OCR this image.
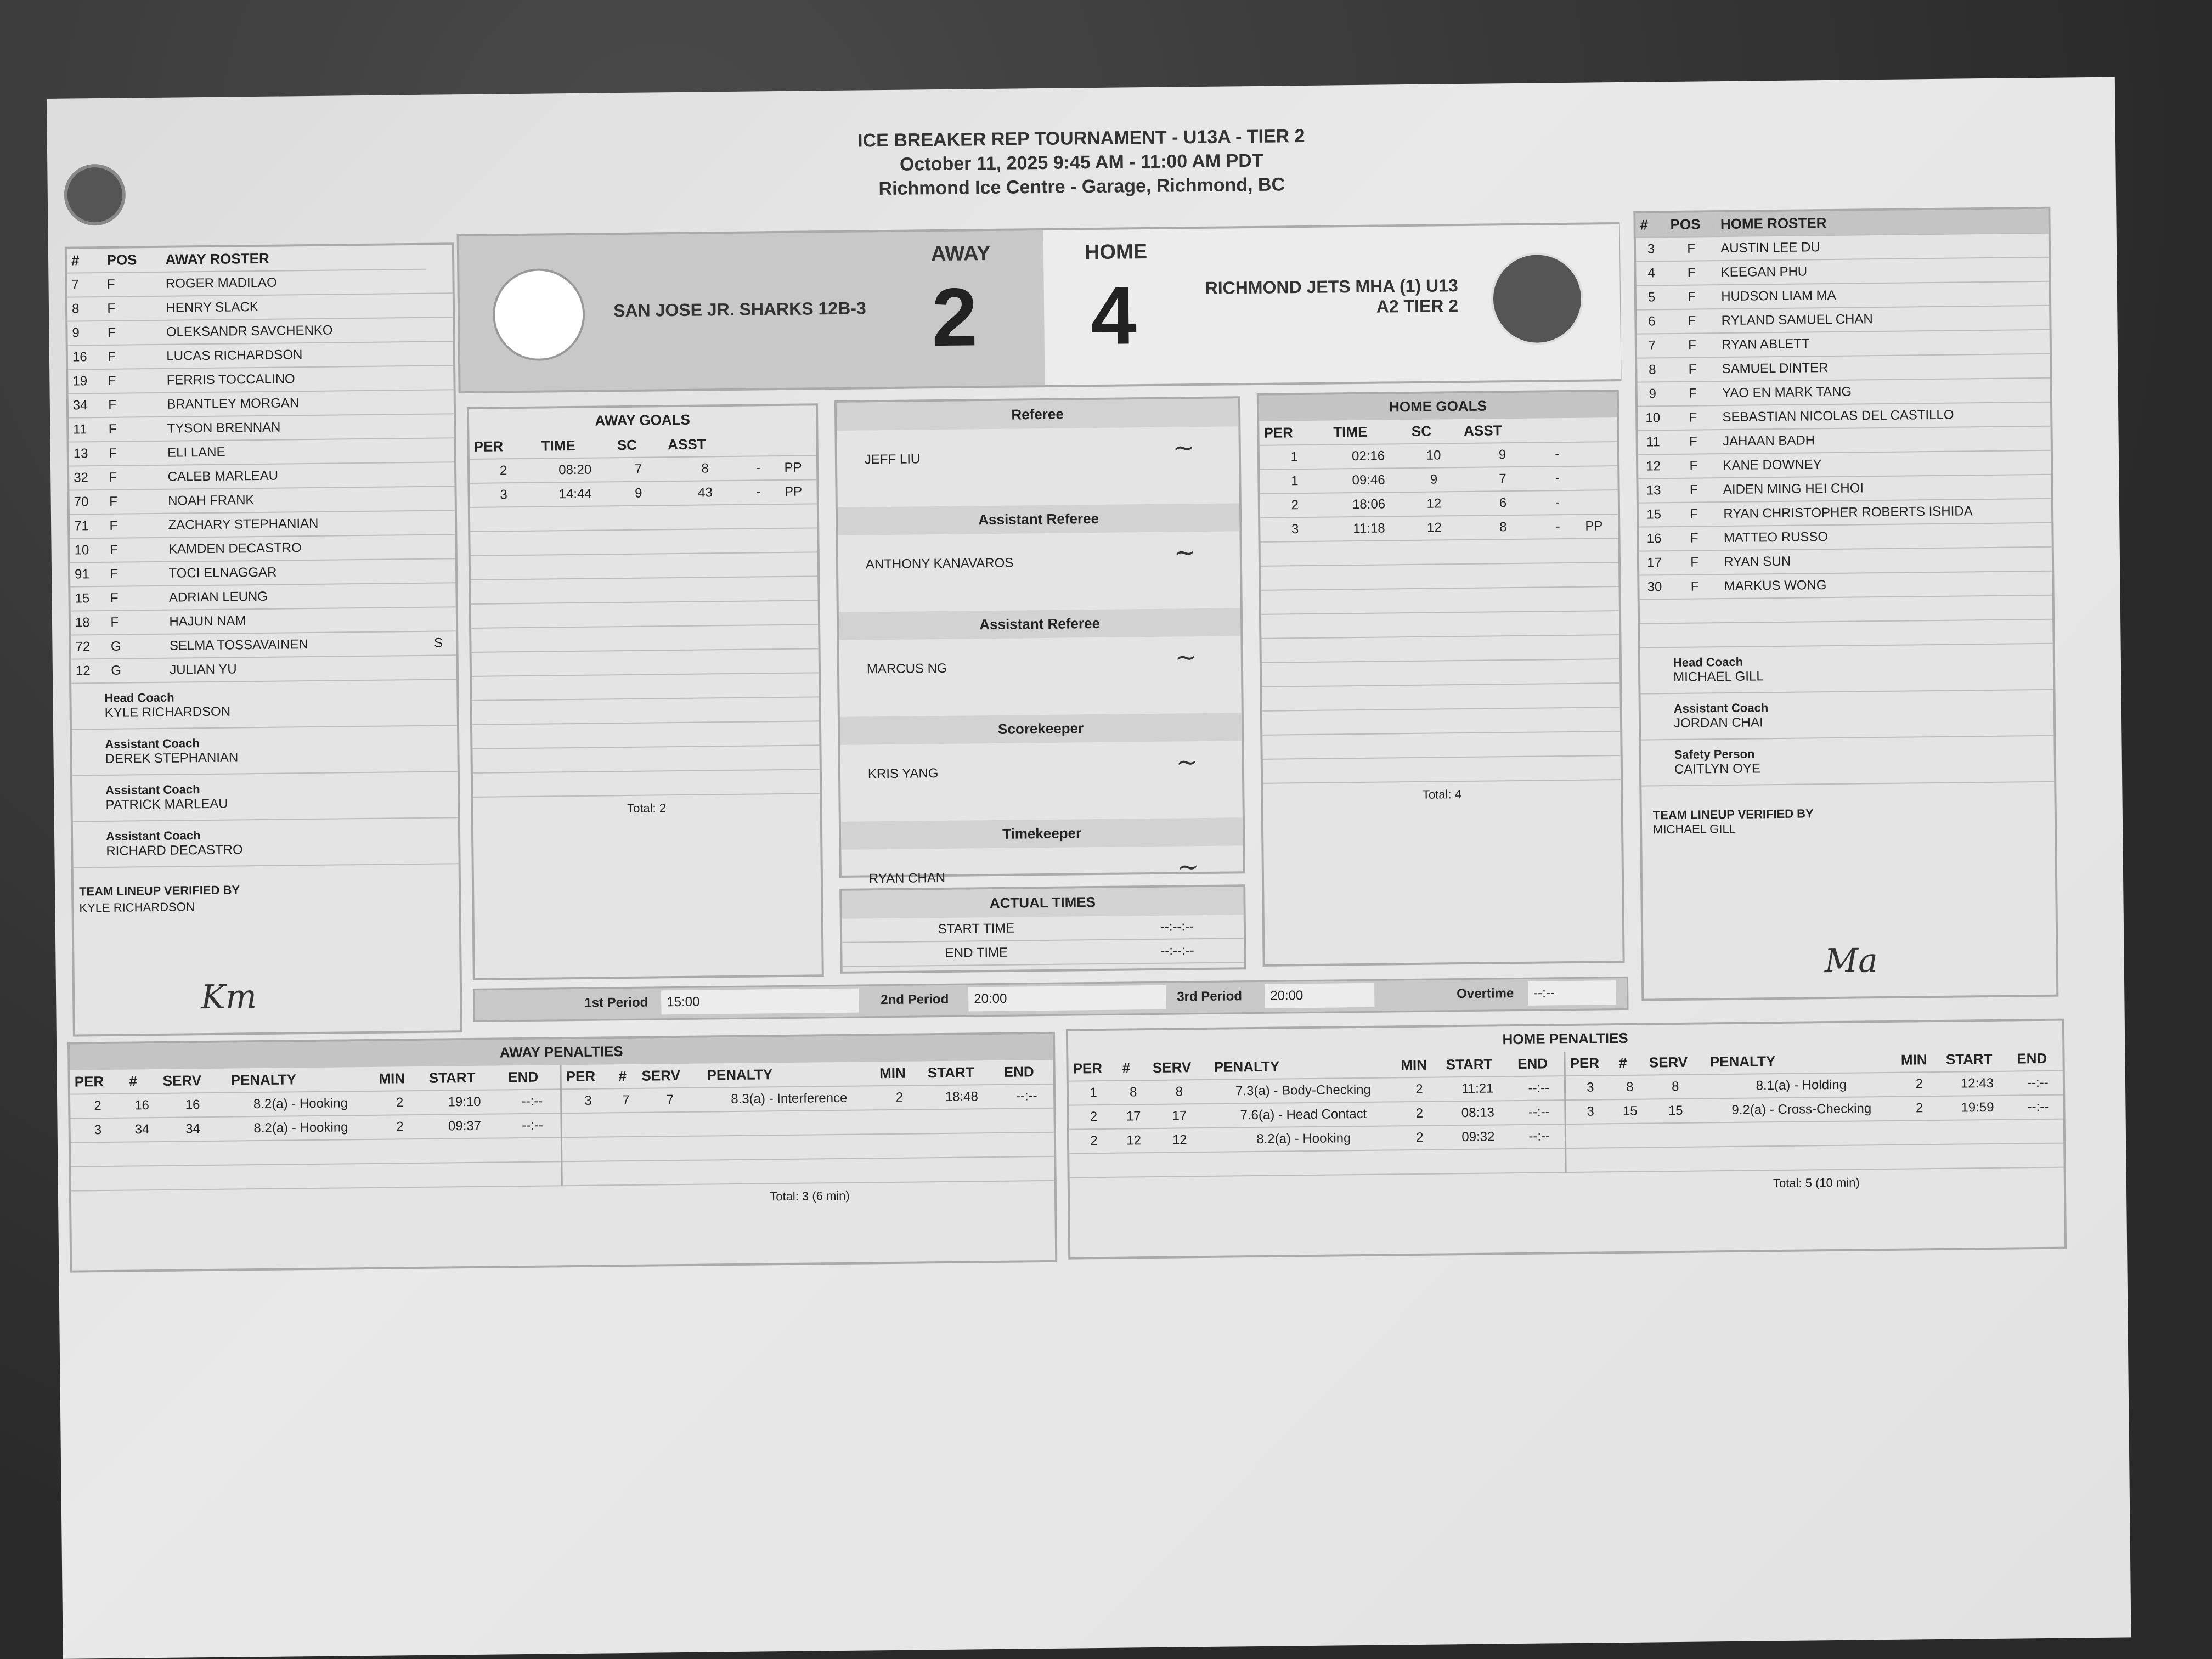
ICE BREAKER REP TOURNAMENT - U13A - TIER 2
October 11, 2025 9:45 AM - 11:00 AM PDT
Richmond Ice Centre - Garage, Richmond, BC
#	POS	AWAY ROSTER	
7	F	ROGER MADILAO	
8	F	HENRY SLACK	
9	F	OLEKSANDR SAVCHENKO	
16	F	LUCAS RICHARDSON	
19	F	FERRIS TOCCALINO	
34	F	BRANTLEY MORGAN	
11	F	TYSON BRENNAN	
13	F	ELI LANE	
32	F	CALEB MARLEAU	
70	F	NOAH FRANK	
71	F	ZACHARY STEPHANIAN	
10	F	KAMDEN DECASTRO	
91	F	TOCI ELNAGGAR	
15	F	ADRIAN LEUNG	
18	F	HAJUN NAM	
72	G	SELMA TOSSAVAINEN	S
12	G	JULIAN YU	
Head Coach
KYLE RICHARDSON
Assistant Coach
DEREK STEPHANIAN
Assistant Coach
PATRICK MARLEAU
Assistant Coach
RICHARD DECASTRO
TEAM LINEUP VERIFIED BY
KYLE RICHARDSON
Km
SAN JOSE JR. SHARKS 12B-3
AWAY
2
HOME
4	RICHMOND JETS MHA (1) U13
A2 TIER 2
AWAY GOALS
PER	TIME	SC	ASST		
2	08:20	7	8	-	PP
3	14:44	9	43	-	PP

Total: 2
Referee
JEFF LIU	~
Assistant Referee
ANTHONY KANAVAROS	~
Assistant Referee
MARCUS NG	~
Scorekeeper
KRIS YANG	~
Timekeeper
RYAN CHAN	~
ACTUAL TIMES
START TIME	--:--:--
END TIME	--:--:--
HOME GOALS
PER	TIME	SC	ASST		
1	02:16	10	9	-	
1	09:46	9	7	-	
2	18:06	12	6	-	
3	11:18	12	8	-	PP

Total: 4
#	POS	HOME ROSTER
3	F	AUSTIN LEE DU
4	F	KEEGAN PHU
5	F	HUDSON LIAM MA
6	F	RYLAND SAMUEL CHAN
7	F	RYAN ABLETT
8	F	SAMUEL DINTER
9	F	YAO EN MARK TANG
10	F	SEBASTIAN NICOLAS DEL CASTILLO
11	F	JAHAAN BADH
12	F	KANE DOWNEY
13	F	AIDEN MING HEI CHOI
15	F	RYAN CHRISTOPHER ROBERTS ISHIDA
16	F	MATTEO RUSSO
17	F	RYAN SUN
30	F	MARKUS WONG

Head Coach
MICHAEL GILL
Assistant Coach
JORDAN CHAI
Safety Person
CAITLYN OYE
TEAM LINEUP VERIFIED BY
MICHAEL GILL
Ma
1st Period	15:00	2nd Period	20:00	3rd Period	20:00	Overtime	--:--
AWAY PENALTIES
PER	#	SERV	PENALTY	MIN	START	END
2	16	16	8.2(a) - Hooking	2	19:10	--:--
3	34	34	8.2(a) - Hooking	2	09:37	--:--

PER	#	SERV	PENALTY	MIN	START	END
3	7	7	8.3(a) - Interference	2	18:48	--:--

Total: 3 (6 min)
HOME PENALTIES
PER	#	SERV	PENALTY	MIN	START	END
1	8	8	7.3(a) - Body-Checking	2	11:21	--:--
2	17	17	7.6(a) - Head Contact	2	08:13	--:--
2	12	12	8.2(a) - Hooking	2	09:32	--:--

PER	#	SERV	PENALTY	MIN	START	END
3	8	8	8.1(a) - Holding	2	12:43	--:--
3	15	15	9.2(a) - Cross-Checking	2	19:59	--:--

Total: 5 (10 min)
